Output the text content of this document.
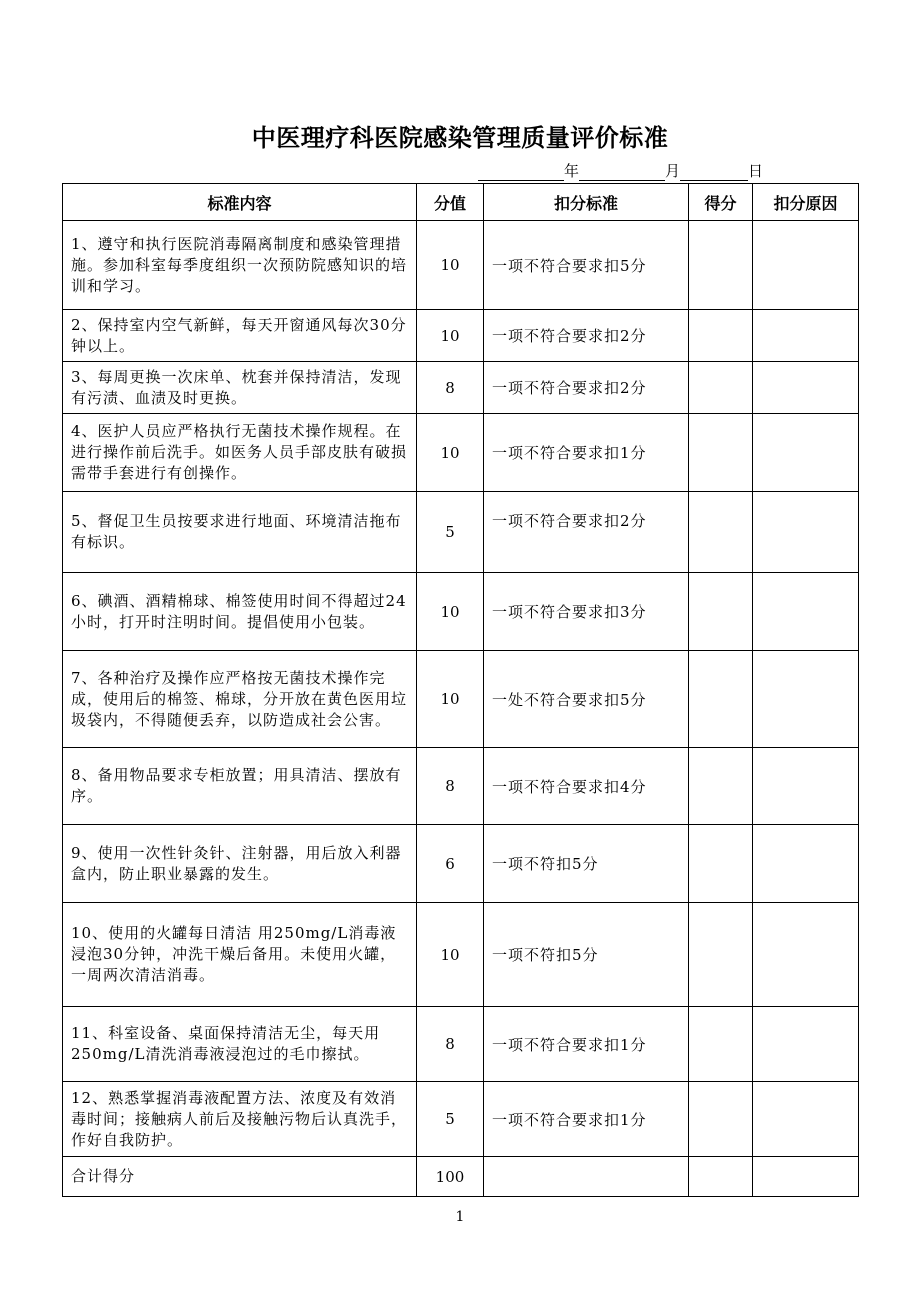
中医理疗科医院感染管理质量评价标准
年	月	日
标准内容	分值	扣分标准	得分	扣分原因
1、遵守和执行医院消毒隔离制度和感染管理措施。参加科室每季度组织一次预防院感知识的培训和学习。	10	一项不符合要求扣5分		
2、保持室内空气新鲜，每天开窗通风每次30分钟以上。	10	一项不符合要求扣2分		
3、每周更换一次床单、枕套并保持清洁，发现有污渍、血渍及时更换。	8	一项不符合要求扣2分		
4、医护人员应严格执行无菌技术操作规程。在进行操作前后洗手。如医务人员手部皮肤有破损需带手套进行有创操作。	10	一项不符合要求扣1分		
5、督促卫生员按要求进行地面、环境清洁拖布有标识。	5	一项不符合要求扣2分		
6、碘酒、酒精棉球、棉签使用时间不得超过24小时，打开时注明时间。提倡使用小包装。	10	一项不符合要求扣3分		
7、各种治疗及操作应严格按无菌技术操作完成，使用后的棉签、棉球，分开放在黄色医用垃圾袋内，不得随便丢弃，以防造成社会公害。	10	一处不符合要求扣5分		
8、备用物品要求专柜放置；用具清洁、摆放有序。	8	一项不符合要求扣4分		
9、使用一次性针灸针、注射器，用后放入利器盒内，防止职业暴露的发生。	6	一项不符扣5分		
10、使用的火罐每日清洁 用250mg/L消毒液浸泡30分钟，冲洗干燥后备用。未使用火罐，一周两次清洁消毒。	10	一项不符扣5分		
11、科室设备、桌面保持清洁无尘，每天用250mg/L清洗消毒液浸泡过的毛巾擦拭。	8	一项不符合要求扣1分		
12、熟悉掌握消毒液配置方法、浓度及有效消毒时间；接触病人前后及接触污物后认真洗手，作好自我防护。	5	一项不符合要求扣1分		
合计得分	100			
1
